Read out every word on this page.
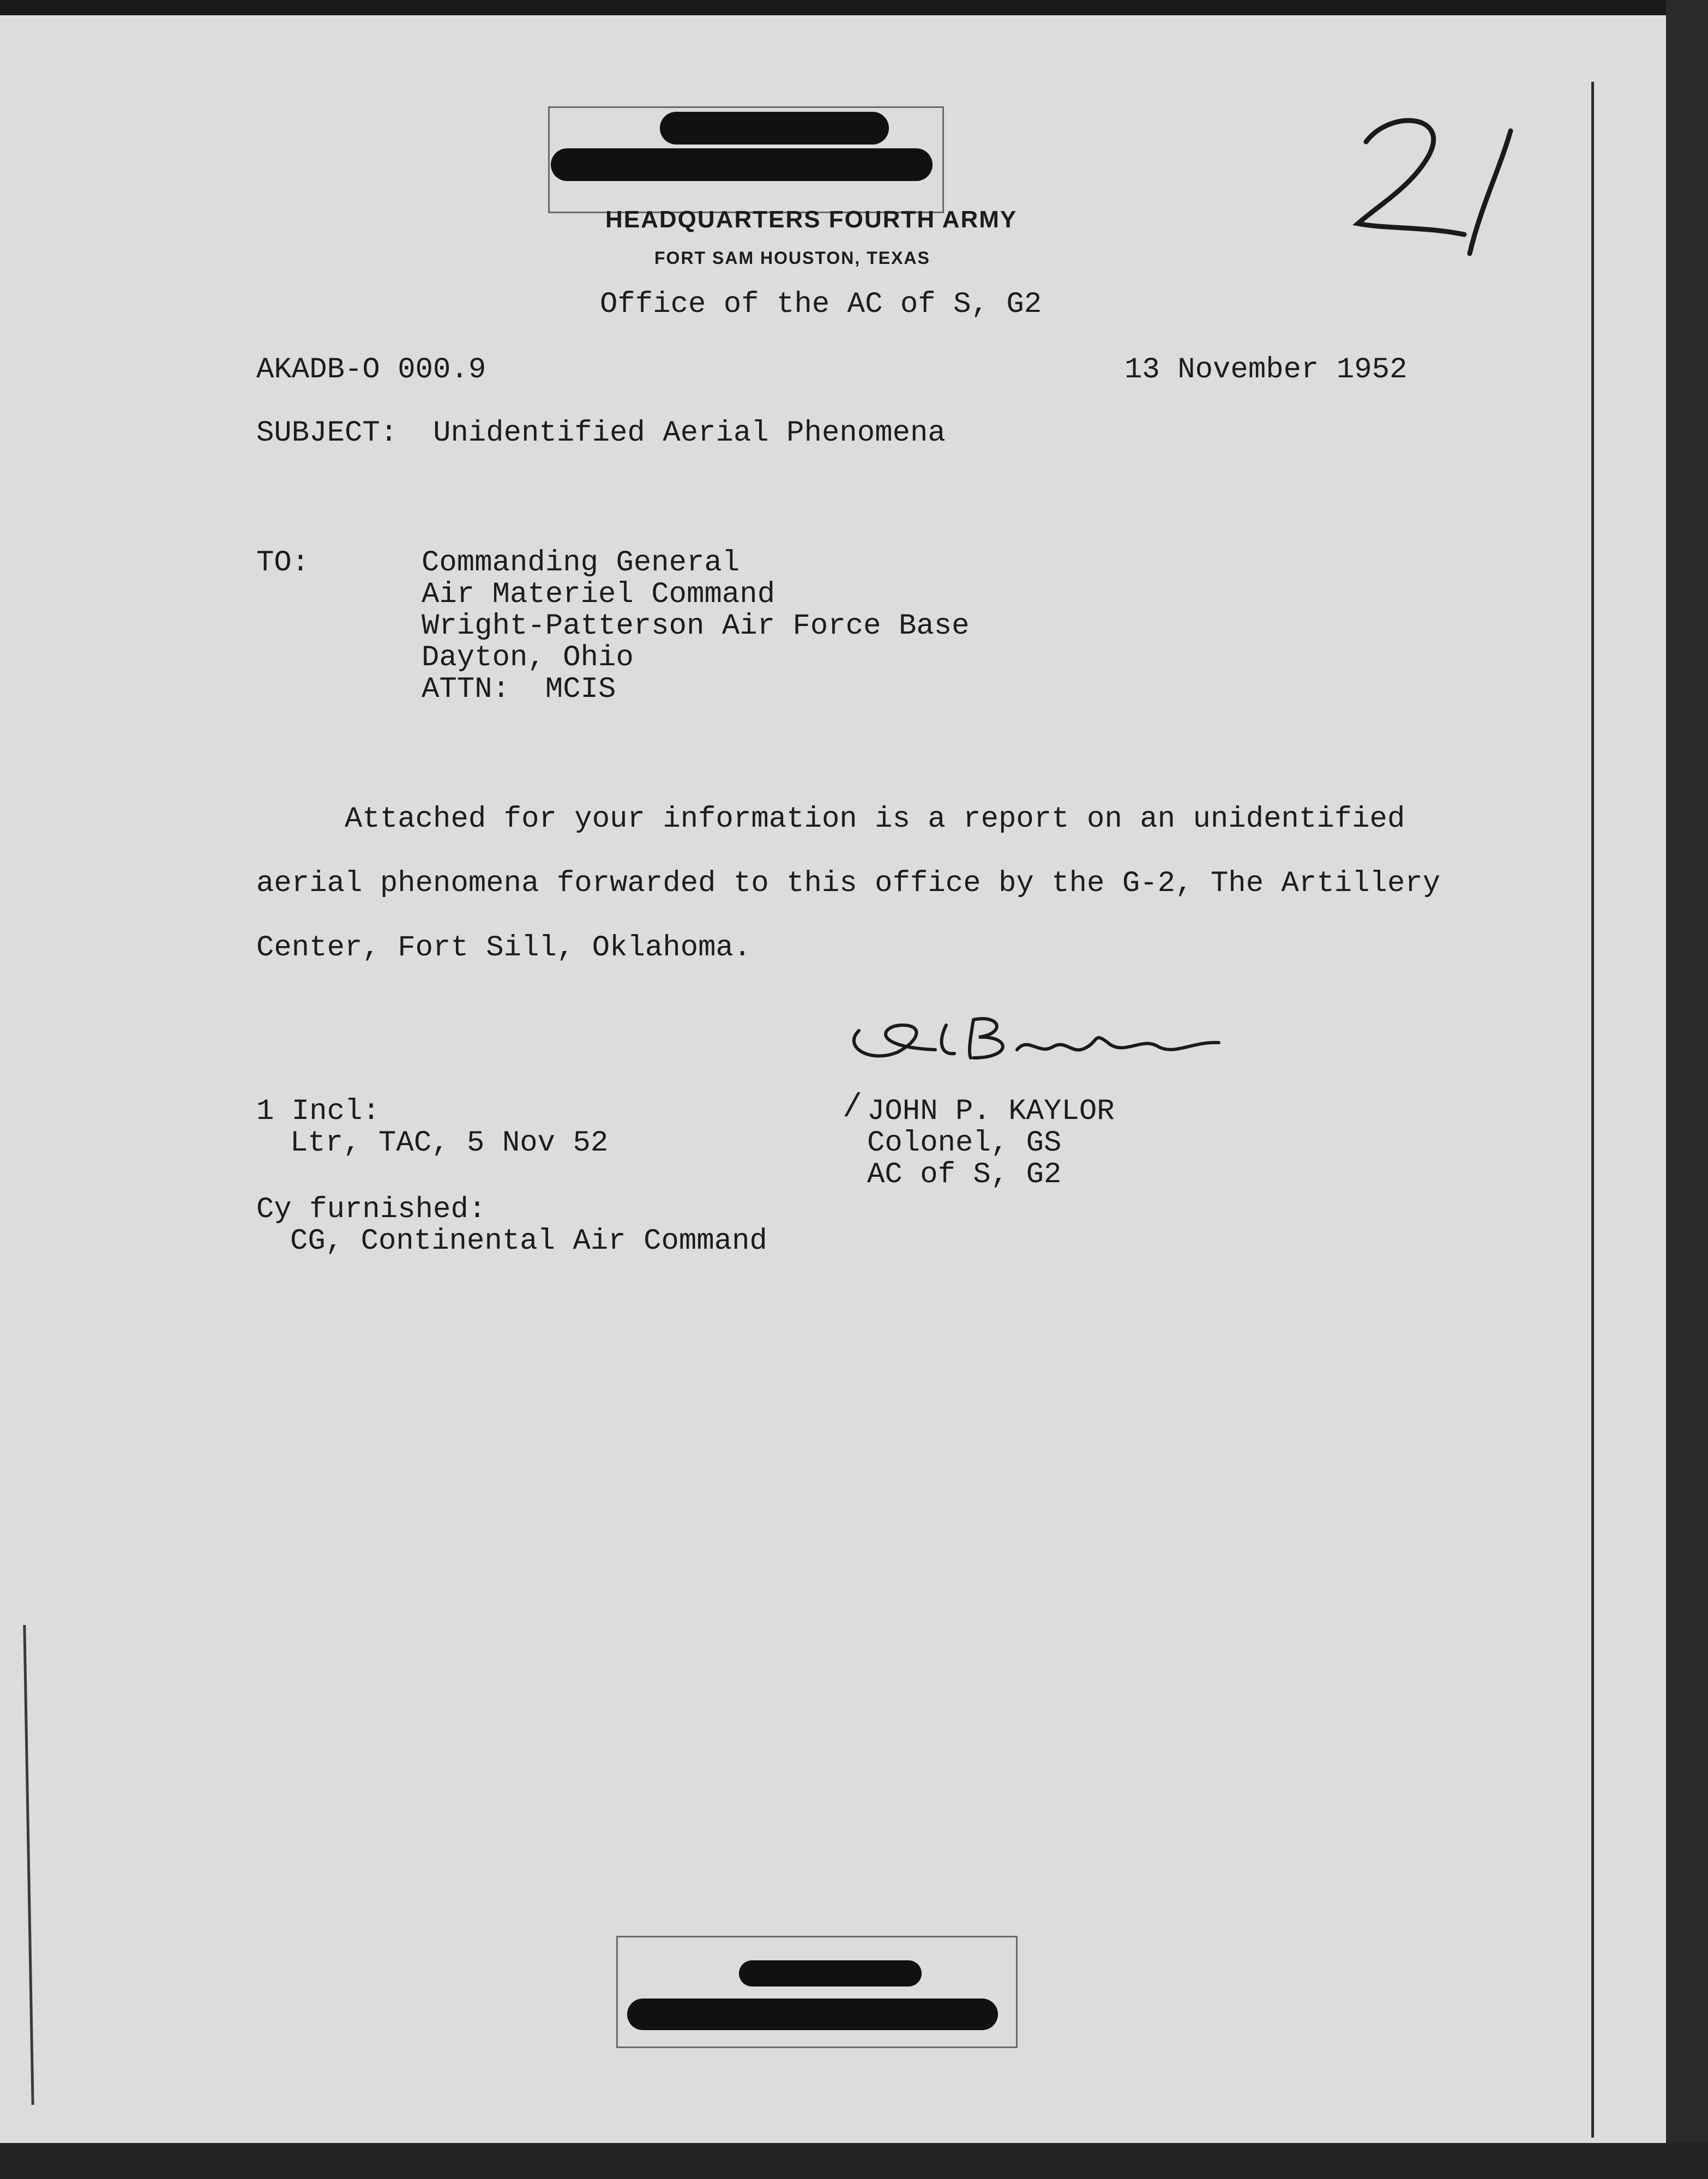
HEADQUARTERS FOURTH ARMY

FORT SAM HOUSTON, TEXAS

Office of the AC of S, G2

AKADB-O 000.9	13 November 1952

SUBJECT: Unidentified Aerial Phenomena

TO:	Commanding General

Air Materiel Command

Wright-Patterson Air Force Base

Dayton, Ohio

ATTN:  MCIS

Attached for your information is a report on an unidentified

aerial phenomena forwarded to this office by the G-2, The Artillery

Center, Fort Sill, Oklahoma.

/ JOHN P. KAYLOR

Colonel, GS

AC of S, G2

1 Incl:

Ltr, TAC, 5 Nov 52

Cy furnished:

CG, Continental Air Command
